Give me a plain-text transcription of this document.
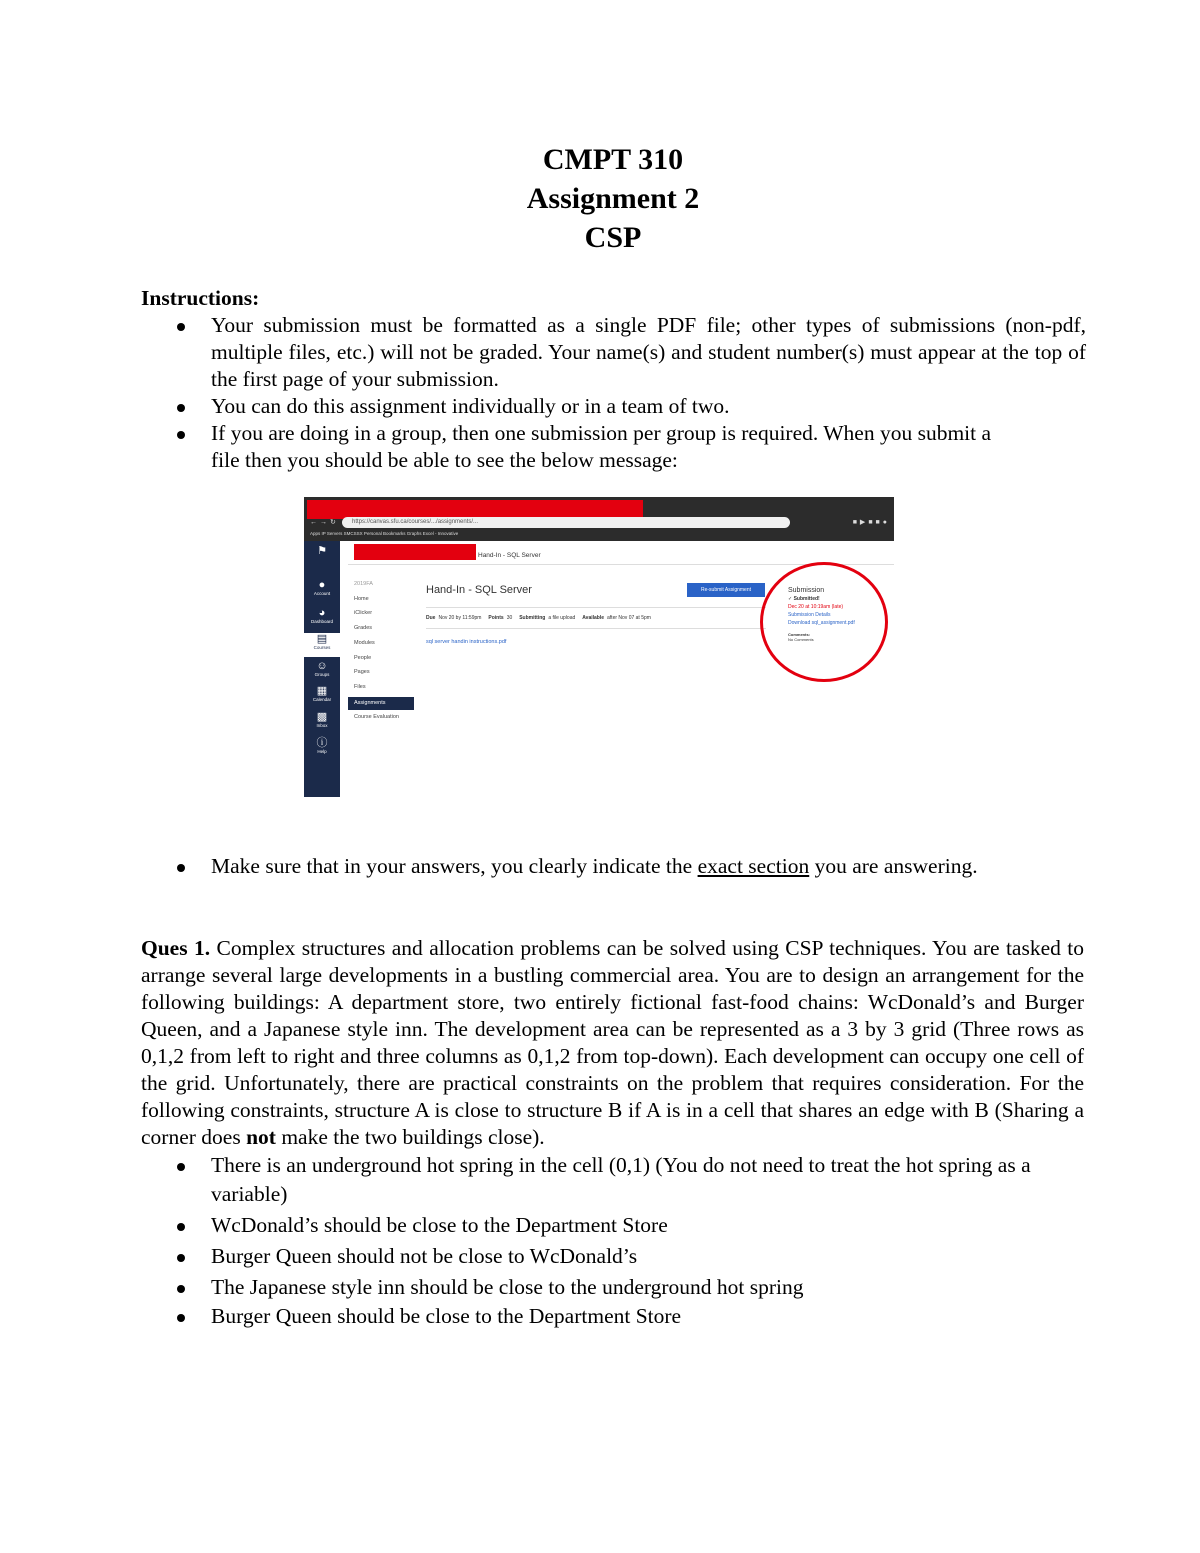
CMPT 310
Assignment 2
CSP

Instructions:

Your submission must be formatted as a single PDF file; other types of submissions (non-pdf, multiple files, etc.) will not be graded. Your name(s) and student number(s) must appear at the top of the first page of your submission.
You can do this assignment individually or in a team of two.
If you are doing in a group, then one submission per group is required. When you submit a file then you should be able to see the below message:
←→↻ https://canvas.sfu.ca/courses/.../assignments/...	■▶■■●
Apps IP Servers SMCSSX Personal Bookmarks Graphs Excel - Innovative
⚑
●
Account
◕
Dashboard
▤
Courses
☺
Groups
▦
Calendar
▩
Inbox
ⓘ
Help
Hand-In - SQL Server
2019FA
Home
iClicker
Grades
Modules
People
Pages
Files
Assignments
Course Evaluation
Hand-In - SQL Server	Re-submit Assignment
Due Nov 20 by 11:59pm Points 30 Submitting a file upload Available after Nov 07 at 5pm
sql server handin instructions.pdf
Submission
✓ Submitted!
Dec 20 at 10:19am (late)
Submission Details
Download sql_assignment.pdf
Comments:
No Comments
Make sure that in your answers, you clearly indicate the exact section you are answering.

Ques 1. Complex structures and allocation problems can be solved using CSP techniques. You are tasked to arrange several large developments in a bustling commercial area. You are to design an arrangement for the following buildings: A department store, two entirely fictional fast-food chains: WcDonald’s and Burger Queen, and a Japanese style inn. The development area can be represented as a 3 by 3 grid (Three rows as 0,1,2 from left to right and three columns as 0,1,2 from top-down). Each development can occupy one cell of the grid. Unfortunately, there are practical constraints on the problem that requires consideration. For the following constraints, structure A is close to structure B if A is in a cell that shares an edge with B (Sharing a corner does not make the two buildings close).

There is an underground hot spring in the cell (0,1) (You do not need to treat the hot spring as a variable)
WcDonald’s should be close to the Department Store
Burger Queen should not be close to WcDonald’s
The Japanese style inn should be close to the underground hot spring
Burger Queen should be close to the Department Store
